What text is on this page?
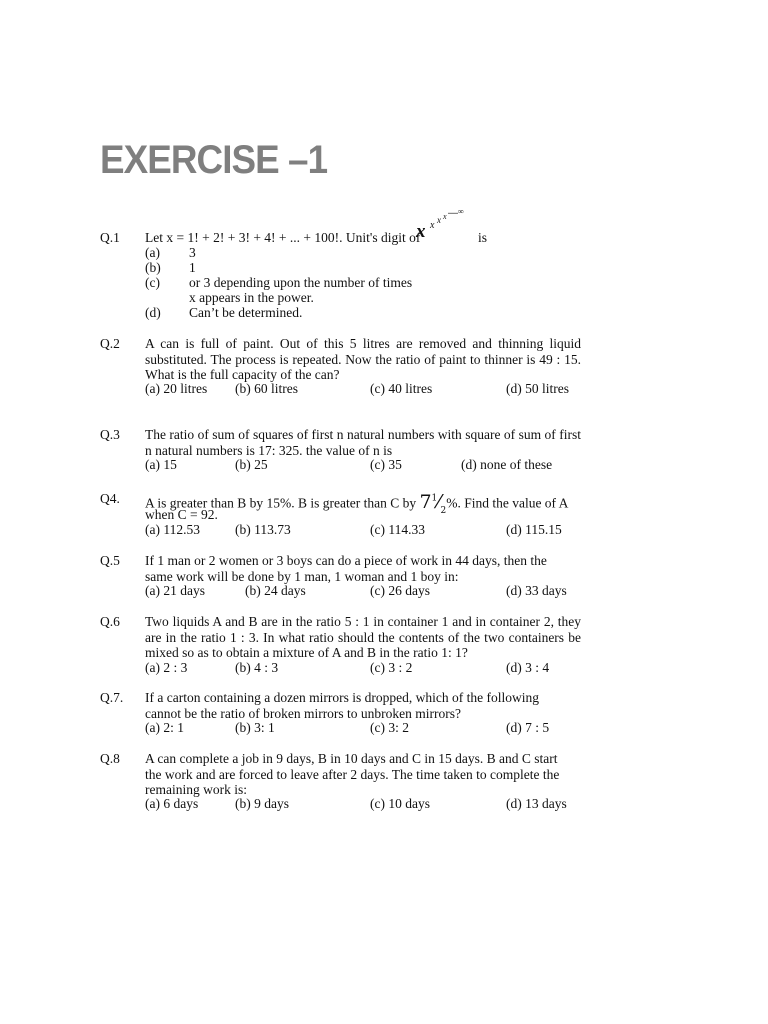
EXERCISE –1
Q.1 Let x = 1! + 2! + 3! + 4! + ... + 100!. Unit's digit of
x x x x
.....∞
is
(a) 3
(b) 1
(c) or 3 depending upon the number of times
x appears in the power.
(d) Can’t be determined.
Q.2 A can is full of paint. Out of this 5 litres are removed and thinning liquid substituted. The process is repeated. Now the ratio of paint to thinner is 49 : 15. What is the full capacity of the can?
(a) 20 litres (b) 60 litres	(c) 40 litres	(d) 50 litres
Q.3 The ratio of sum of squares of first n natural numbers with square of sum of first n natural numbers is 17: 325. the value of n is
(a) 15	(b) 25	(c) 35	(d) none of these
Q4. A is greater than B by 15%. B is greater than C by $7^1⁄_2\%$. Find the value of A
when C = 92.
(a) 112.53	(b) 113.73	(c) 114.33	(d) 115.15
Q.5 If 1 man or 2 women or 3 boys can do a piece of work in 44 days, then the same work will be done by 1 man, 1 woman and 1 boy in:
(a) 21 days	(b) 24 days	(c) 26 days	(d) 33 days
Q.6 Two liquids A and B are in the ratio 5 : 1 in container 1 and in container 2, they are in the ratio 1 : 3. In what ratio should the contents of the two containers be mixed so as to obtain a mixture of A and B in the ratio 1: 1?
(a) 2 : 3	(b) 4 : 3	(c) 3 : 2	(d) 3 : 4
Q.7. If a carton containing a dozen mirrors is dropped, which of the following cannot be the ratio of broken mirrors to unbroken mirrors?
(a) 2: 1	(b) 3: 1	(c) 3: 2	(d) 7 : 5
Q.8 A can complete a job in 9 days, B in 10 days and C in 15 days. B and C start the work and are forced to leave after 2 days. The time taken to complete the remaining work is:
(a) 6 days	(b) 9 days	(c) 10 days	(d) 13 days
